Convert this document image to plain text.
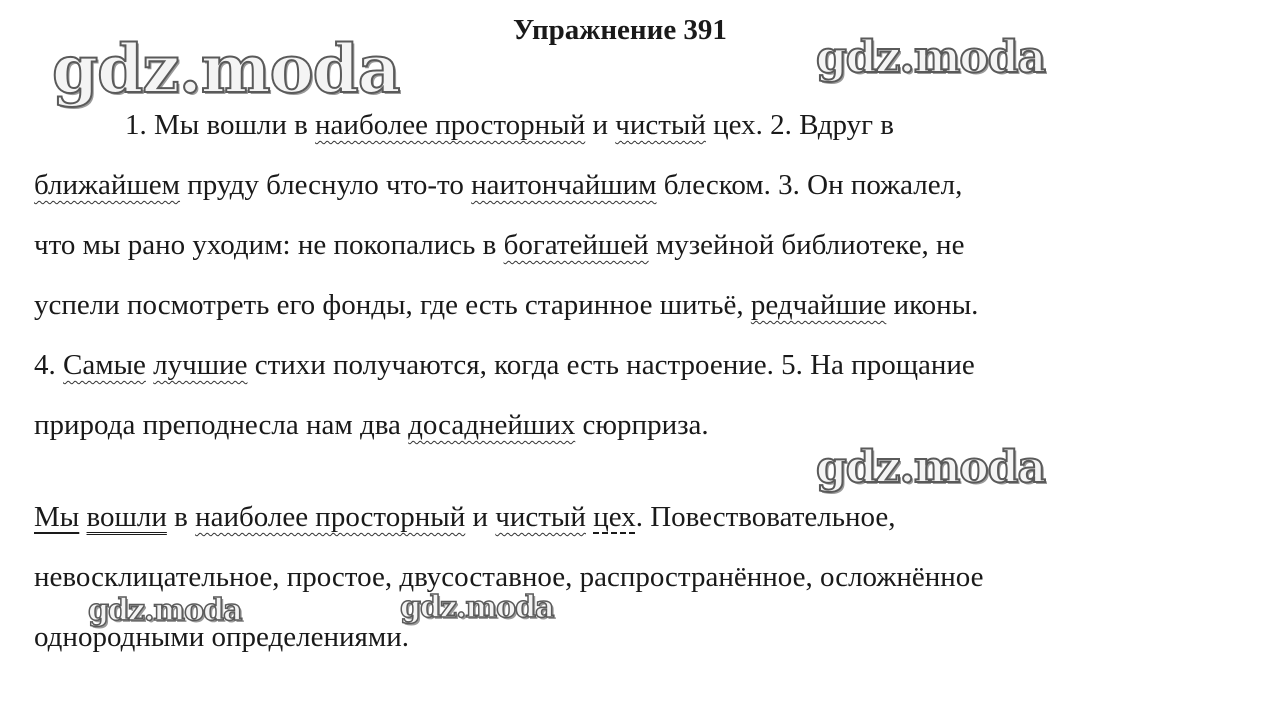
Упражнение 391
1. Мы вошли в наиболее просторный и чистый цех. 2. Вдруг в
ближайшем пруду блеснуло что-то наитончайшим блеском. 3. Он пожалел,
что мы рано уходим: не покопались в богатейшей музейной библиотеке, не
успели посмотреть его фонды, где есть старинное шитьё, редчайшие иконы.
4. Самые лучшие стихи получаются, когда есть настроение. 5. На прощание
природа преподнесла нам два досаднейших сюрприза.
Мы вошли в наиболее просторный и чистый цех. Повествовательное,
невосклицательное, простое, двусоставное, распространённое, осложнённое
однородными определениями.
gdz.moda	gdz.moda
gdz.moda
gdz.moda	gdz.moda
